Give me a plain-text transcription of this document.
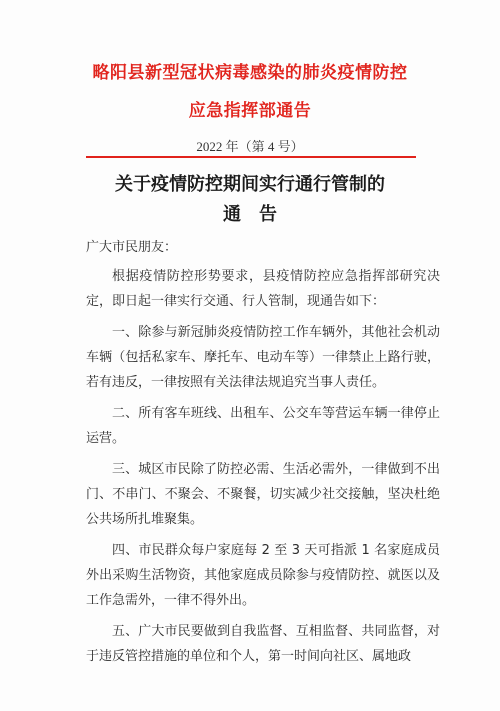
略阳县新型冠状病毒感染的肺炎疫情防控
应急指挥部通告
2022 年（第 4 号）
关于疫情防控期间实行通行管制的
通告

广大市民朋友：

根据疫情防控形势要求，县疫情防控应急指挥部研究决定，即日起一律实行交通、行人管制，现通告如下：

一、除参与新冠肺炎疫情防控工作车辆外，其他社会机动车辆（包括私家车、摩托车、电动车等）一律禁止上路行驶，若有违反，一律按照有关法律法规追究当事人责任。

二、所有客车班线、出租车、公交车等营运车辆一律停止运营。

三、城区市民除了防控必需、生活必需外，一律做到不出门、不串门、不聚会、不聚餐，切实减少社交接触，坚决杜绝公共场所扎堆聚集。

四、市民群众每户家庭每 2 至 3 天可指派 1 名家庭成员外出采购生活物资，其他家庭成员除参与疫情防控、就医以及工作急需外，一律不得外出。

五、广大市民要做到自我监督、互相监督、共同监督，对于违反管控措施的单位和个人，第一时间向社区、属地政
